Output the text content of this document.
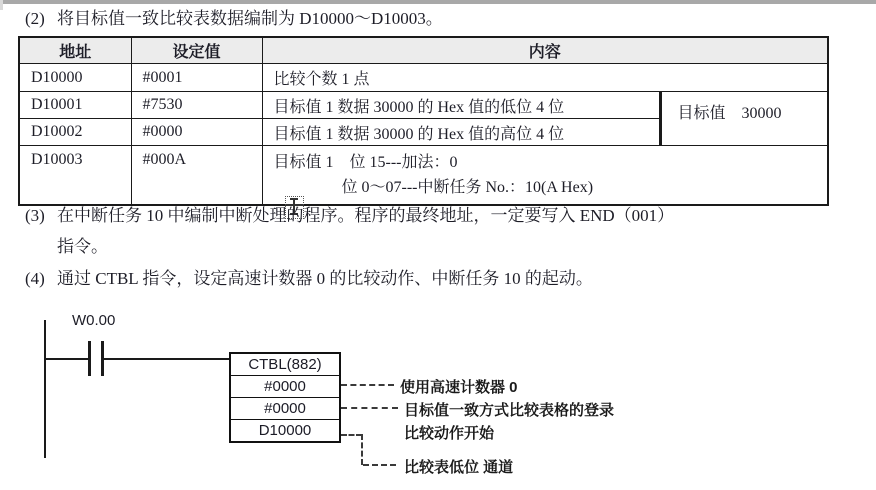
(2) 将目标值一致比较表数据编制为 D10000～D10003。
地址	设定值	内容	
D10000	#0001	比较个数 1 点	
D10001	#7530	目标值 1 数据 30000 的 Hex 值的低位 4 位	目标值　30000
D10002	#0000	目标值 1 数据 30000 的 Hex 值的高位 4 位	
D10003	#000A	目标值 1　位 15---加法：0
位 0～07---中断任务 No.：10(A Hex)	
(3) 在中断任务 10 中编制中断处理的程序。程序的最终地址，一定要写入 END（001）
指令。
(4) 通过 CTBL 指令，设定高速计数器 0 的比较动作、中断任务 10 的起动。
W0.00
CTBL(882)
#0000
#0000
D10000
使用高速计数器 0
目标值一致方式比较表格的登录
比较动作开始
比较表低位 通道
